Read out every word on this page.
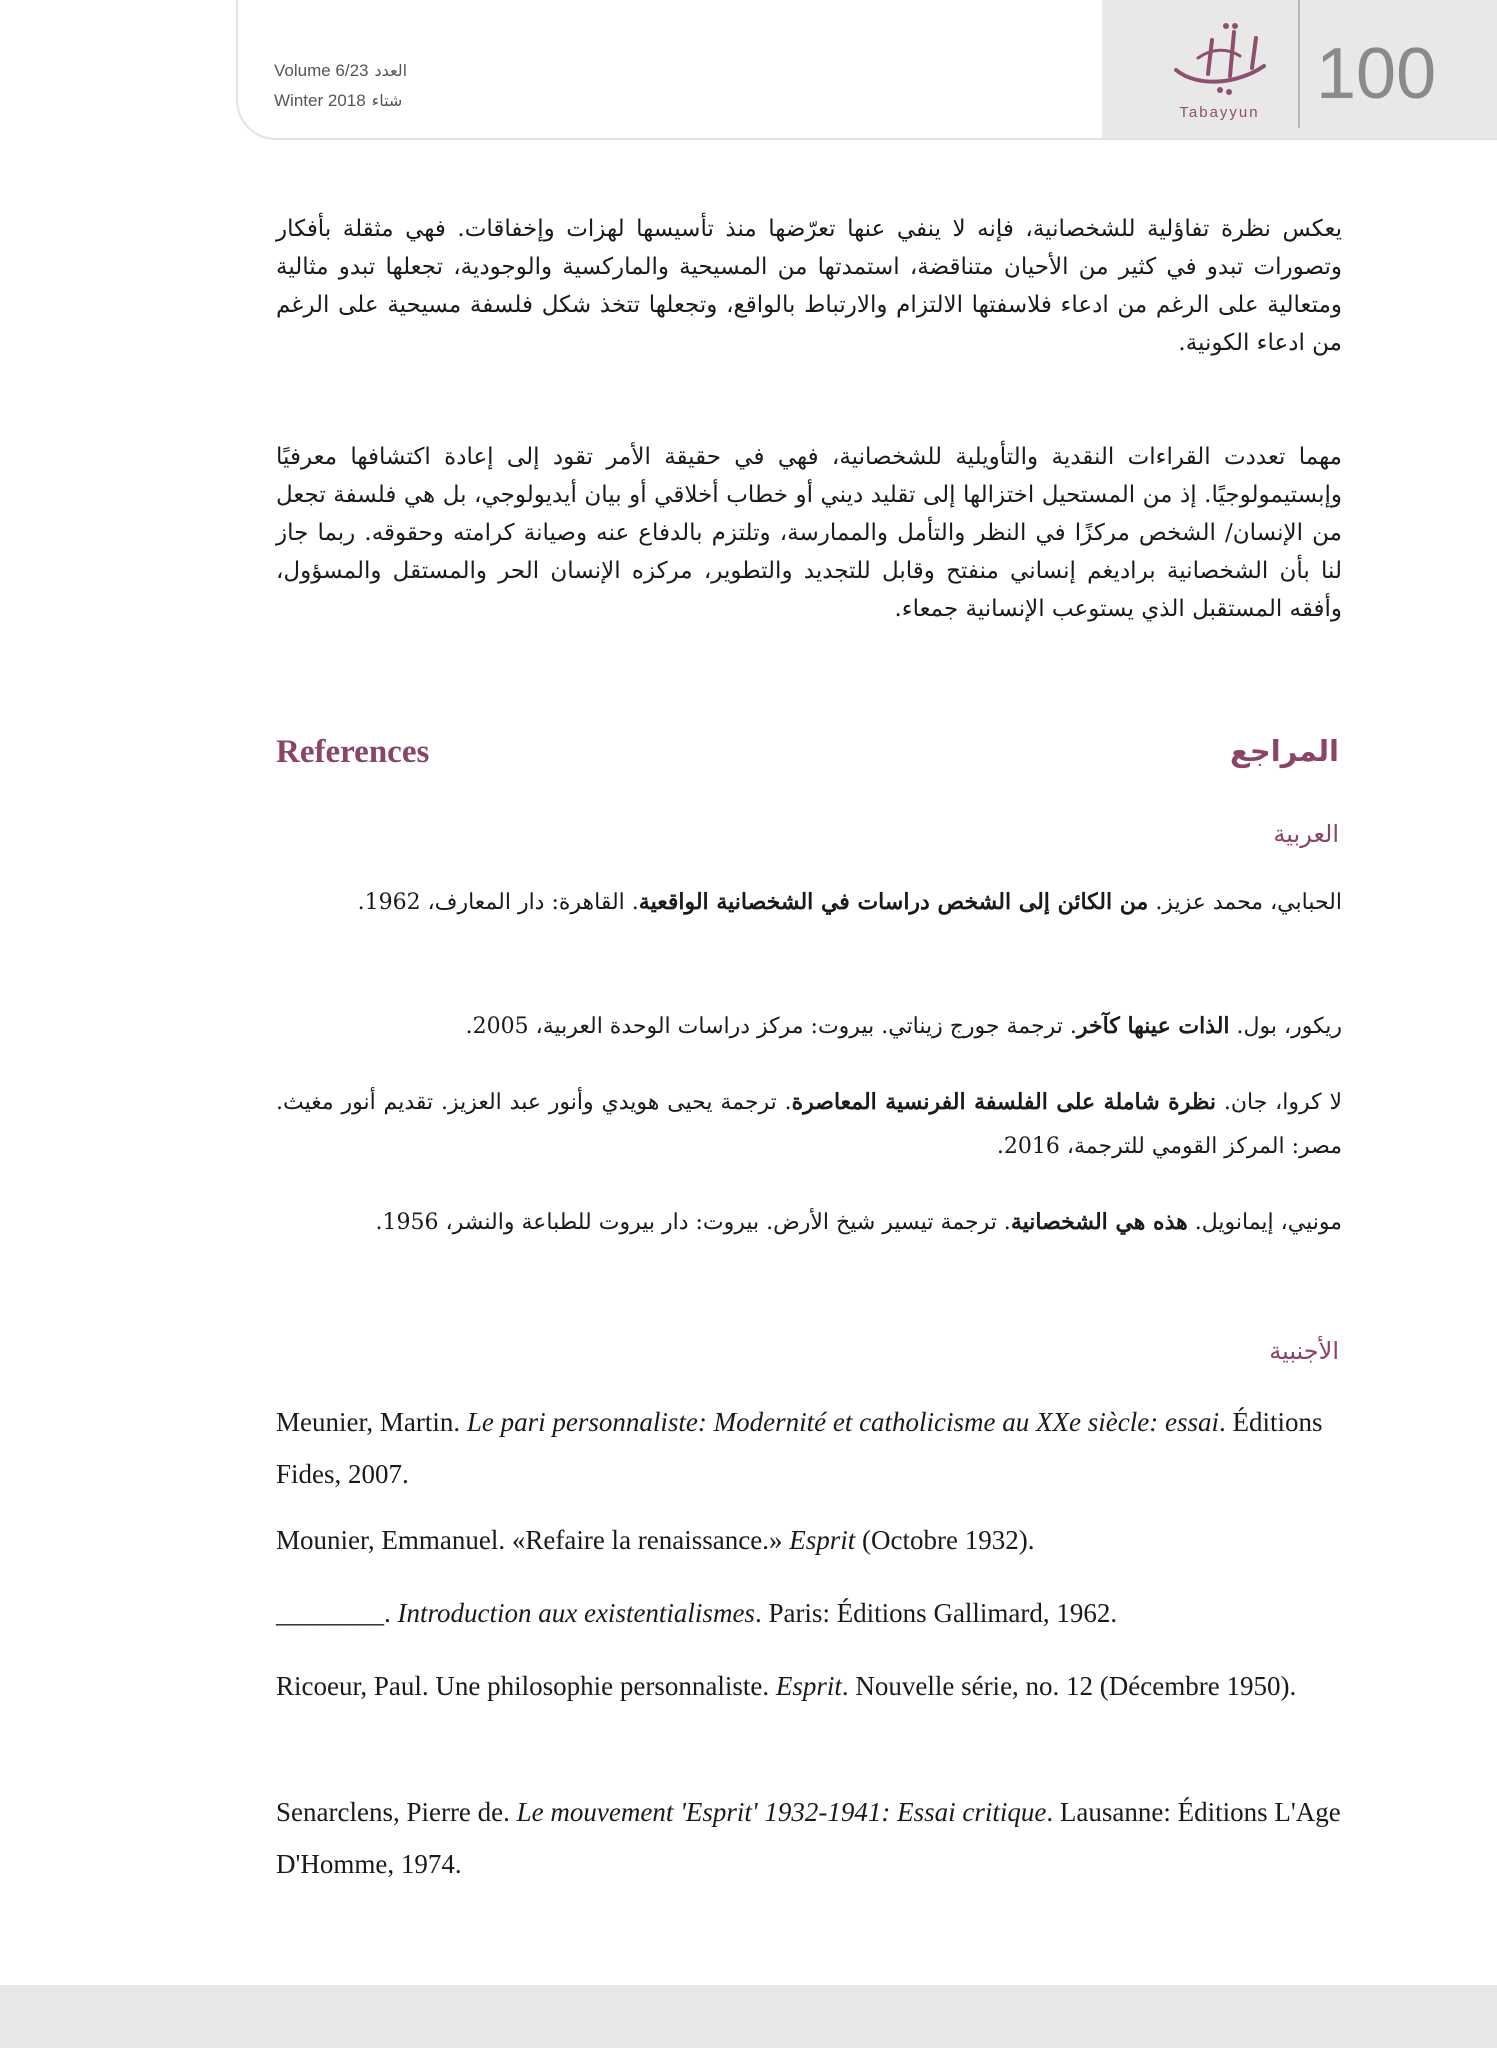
Volume 6/23 العدد
Winter 2018 شتاء
Tabayyun 100

يعكس نظرة تفاؤلية للشخصانية، فإنه لا ينفي عنها تعرّضها منذ تأسيسها لهزات وإخفاقات. فهي مثقلة بأفكار وتصورات تبدو في كثير من الأحيان متناقضة، استمدتها من المسيحية والماركسية والوجودية، تجعلها تبدو مثالية ومتعالية على الرغم من ادعاء فلاسفتها الالتزام والارتباط بالواقع، وتجعلها تتخذ شكل فلسفة مسيحية على الرغم من ادعاء الكونية.

مهما تعددت القراءات النقدية والتأويلية للشخصانية، فهي في حقيقة الأمر تقود إلى إعادة اكتشافها معرفيًا وإبستيمولوجيًا. إذ من المستحيل اختزالها إلى تقليد ديني أو خطاب أخلاقي أو بيان أيديولوجي، بل هي فلسفة تجعل من الإنسان/ الشخص مركزًا في النظر والتأمل والممارسة، وتلتزم بالدفاع عنه وصيانة كرامته وحقوقه. ربما جاز لنا بأن الشخصانية براديغم إنساني منفتح وقابل للتجديد والتطوير، مركزه الإنسان الحر والمستقل والمسؤول، وأفقه المستقبل الذي يستوعب الإنسانية جمعاء.

References	المراجع
العربية
الحبابي، محمد عزيز. من الكائن إلى الشخص دراسات في الشخصانية الواقعية. القاهرة: دار المعارف، 1962.
ريكور، بول. الذات عينها كآخر. ترجمة جورج زيناتي. بيروت: مركز دراسات الوحدة العربية، 2005.
لا كروا، جان. نظرة شاملة على الفلسفة الفرنسية المعاصرة. ترجمة يحيى هويدي وأنور عبد العزيز. تقديم أنور مغيث. مصر: المركز القومي للترجمة، 2016.
مونيي، إيمانويل. هذه هي الشخصانية. ترجمة تيسير شيخ الأرض. بيروت: دار بيروت للطباعة والنشر، 1956.
الأجنبية
Meunier, Martin. Le pari personnaliste: Modernité et catholicisme au XXe siècle: essai. Éditions Fides, 2007.
Mounier, Emmanuel. «Refaire la renaissance.» Esprit (Octobre 1932).
________. Introduction aux existentialismes. Paris: Éditions Gallimard, 1962.
Ricoeur, Paul. Une philosophie personnaliste. Esprit. Nouvelle série, no. 12 (Décembre 1950).
Senarclens, Pierre de. Le mouvement 'Esprit' 1932-1941: Essai critique. Lausanne: Éditions L'Age D'Homme, 1974.
